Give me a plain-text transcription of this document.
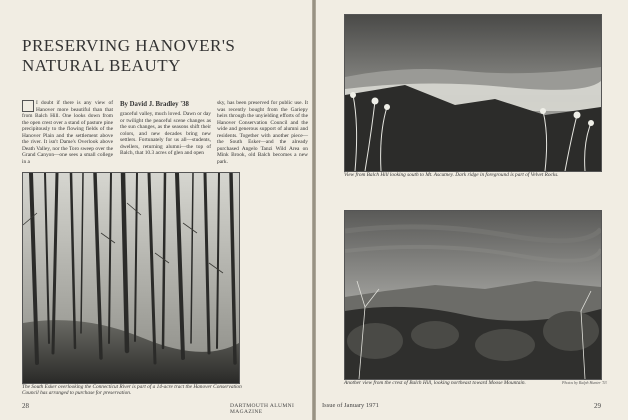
PRESERVING HANOVER'S
NATURAL BEAUTY
I doubt if there is any view of Hanover more beautiful than that from Balch Hill. One looks down from the open crest over a stand of pasture pine precipitously to the flowing fields of the Hanover Plain and the settlement above the river. It isn't Dame's Overlook above Death Valley, nor the Toro sweep over the Grand Canyon—one sees a small college in a
By David J. Bradley '38
graceful valley, much loved. Dawn or day or twilight the peaceful scene changes as the sun changes, as the seasons shift their colors, and new decades bring new settlers. Fortunately for us all—students, dwellers, returning alumni—the top of Balch, that 10.3 acres of glen and open
sky, has been preserved for public use. It was recently bought from the Gariepy heirs through the unyielding efforts of the Hanover Conservation Council and the wide and generous support of alumni and residents. Together with another piece—the South Esker—and the already purchased Angelo Tanzi Wild Area on Mink Brook, old Balch becomes a new park.

The South Esker overlooking the Connecticut River is part of a 14-acre tract the Hanover Conservation Council has arranged to purchase for preservation.

28	DARTMOUTH ALUMNI MAGAZINE

View from Balch Hill looking south to Mt. Ascutney. Dark ridge in foreground is part of Velvet Rocks.

Another view from the crest of Balch Hill, looking northeast toward Moose Mountain.	Photos by Ralph Hunter '53
Issue of January 1971	29
